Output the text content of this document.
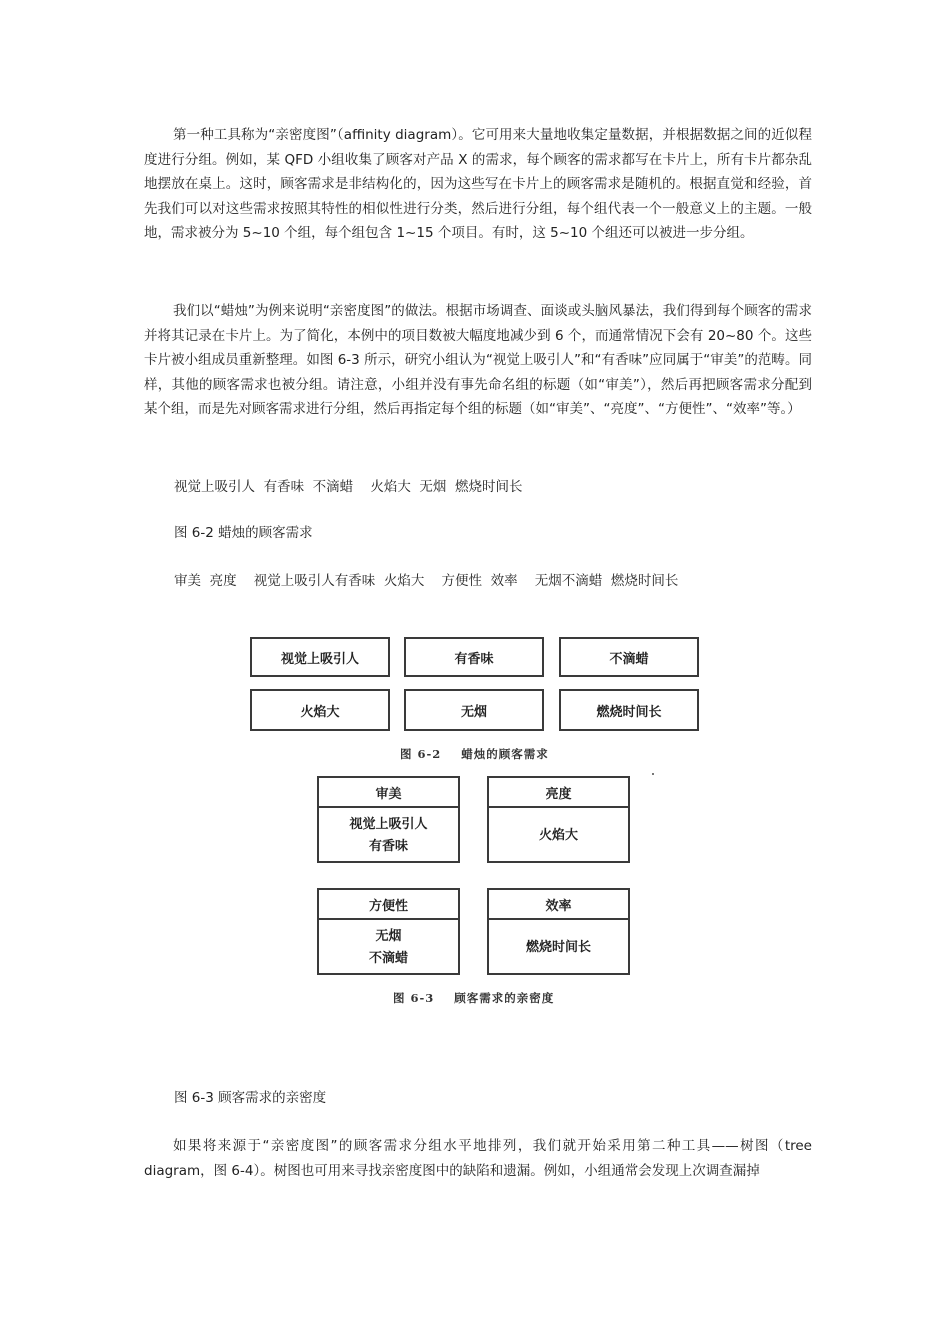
第一种工具称为“亲密度图”（affinity diagram）。它可用来大量地收集定量数据，并根据数据之间的近似程度进行分组。例如，某 QFD 小组收集了顾客对产品 X 的需求，每个顾客的需求都写在卡片上，所有卡片都杂乱地摆放在桌上。这时，顾客需求是非结构化的，因为这些写在卡片上的顾客需求是随机的。根据直觉和经验，首先我们可以对这些需求按照其特性的相似性进行分类，然后进行分组，每个组代表一个一般意义上的主题。一般地，需求被分为 5~10 个组，每个组包含 1~15 个项目。有时，这 5~10 个组还可以被进一步分组。

我们以“蜡烛”为例来说明“亲密度图”的做法。根据市场调查、面谈或头脑风暴法，我们得到每个顾客的需求并将其记录在卡片上。为了简化，本例中的项目数被大幅度地减少到 6 个，而通常情况下会有 20~80 个。这些卡片被小组成员重新整理。如图 6-3 所示，研究小组认为“视觉上吸引人”和“有香味”应同属于“审美”的范畴。同样，其他的顾客需求也被分组。请注意，小组并没有事先命名组的标题（如“审美”），然后再把顾客需求分配到某个组，而是先对顾客需求进行分组，然后再指定每个组的标题（如“审美”、“亮度”、“方便性”、“效率”等。）

视觉上吸引人  有香味  不滴蜡    火焰大  无烟  燃烧时间长
图 6-2 蜡烛的顾客需求
审美  亮度    视觉上吸引人有香味  火焰大    方便性  效率    无烟不滴蜡  燃烧时间长
视觉上吸引人	有香味	不滴蜡
火焰大	无烟	燃烧时间长
图 6-2    蜡烛的顾客需求
审美
视觉上吸引人
有香味
亮度
火焰大
方便性
无烟
不滴蜡
效率
燃烧时间长
图 6-3    顾客需求的亲密度
图 6-3 顾客需求的亲密度

如果将来源于“亲密度图”的顾客需求分组水平地排列，我们就开始采用第二种工具——树图（tree diagram，图 6-4）。树图也可用来寻找亲密度图中的缺陷和遗漏。例如，小组通常会发现上次调查漏掉
